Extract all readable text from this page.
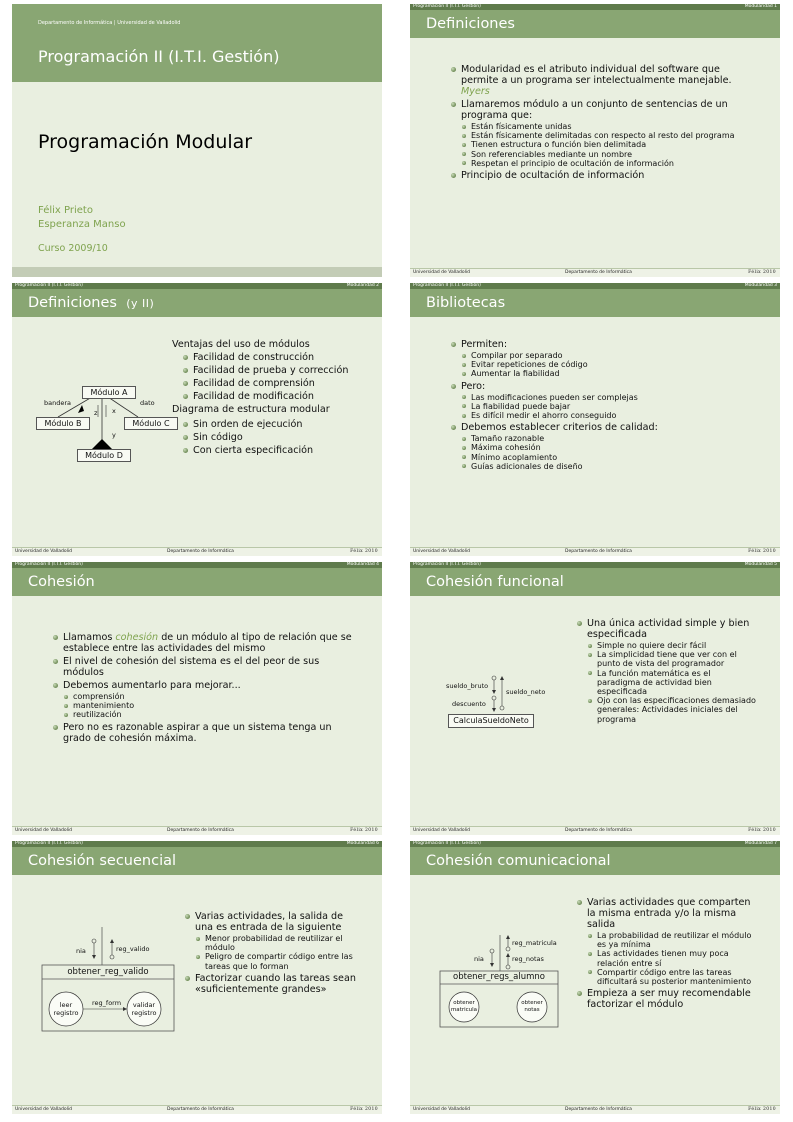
Departamento de Informática | Universidad de Valladolid
Programación II (I.T.I. Gestión)
Programación Modular
Félix Prieto
Esperanza Manso
Curso 2009/10
Programación II (I.T.I. Gestión)	Modularidad 1
Definiciones
Modularidad es el atributo individual del software que permite a un programa ser intelectualmente manejable. Myers
Llamaremos módulo a un conjunto de sentencias de un programa que:
Están físicamente unidas
Están físicamente delimitadas con respecto al resto del programa
Tienen estructura o función bien delimitada
Son referenciables mediante un nombre
Respetan el principio de ocultación de información
Principio de ocultación de información
Universidad de Valladolid	Departamento de Informática	Félix 2010
Programación II (I.T.I. Gestión)	Modularidad 2
Definiciones (y II)
Módulo A
Módulo B	Módulo C
Módulo D
bandera	dato
z x
y
Ventajas del uso de módulos
Facilidad de construcción
Facilidad de prueba y corrección
Facilidad de comprensión
Facilidad de modificación
Diagrama de estructura modular
Sin orden de ejecución
Sin código
Con cierta especificación
Universidad de Valladolid	Departamento de Informática	Félix 2010
Programación II (I.T.I. Gestión)	Modularidad 3
Bibliotecas
Permiten:
Compilar por separado
Evitar repeticiones de código
Aumentar la fiabilidad
Pero:
Las modificaciones pueden ser complejas
La fiabilidad puede bajar
Es difícil medir el ahorro conseguido
Debemos establecer criterios de calidad:
Tamaño razonable
Máxima cohesión
Mínimo acoplamiento
Guías adicionales de diseño
Universidad de Valladolid	Departamento de Informática	Félix 2010
Programación II (I.T.I. Gestión)	Modularidad 4
Cohesión
Llamamos cohesión de un módulo al tipo de relación que se establece entre las actividades del mismo
El nivel de cohesión del sistema es el del peor de sus módulos
Debemos aumentarlo para mejorar...
comprensión
mantenimiento
reutilización
Pero no es razonable aspirar a que un sistema tenga un grado de cohesión máxima.
Universidad de Valladolid	Departamento de Informática	Félix 2010
Programación II (I.T.I. Gestión)	Modularidad 5
Cohesión funcional
sueldo_bruto
sueldo_neto
descuento
CalculaSueldoNeto
Una única actividad simple y bien especificada
Simple no quiere decir fácil
La simplicidad tiene que ver con el punto de vista del programador
La función matemática es el paradigma de actividad bien especificada
Ojo con las especificaciones demasiado generales: Actividades iniciales del programa
Universidad de Valladolid	Departamento de Informática	Félix 2010
Programación II (I.T.I. Gestión)	Modularidad 6
Cohesión secuencial
nia	reg_valido
obtener_reg_valido
leer
registro
reg_form	validar
registro
Varias actividades, la salida de una es entrada de la siguiente
Menor probabilidad de reutilizar el módulo
Peligro de compartir código entre las tareas que lo forman
Factorizar cuando las tareas sean «suficientemente grandes»
Universidad de Valladolid	Departamento de Informática	Félix 2010
Programación II (I.T.I. Gestión)	Modularidad 7
Cohesión comunicacional
nia
reg_matricula
reg_notas
obtener_regs_alumno
obtener
matricula
obtener
notas
Varias actividades que comparten la misma entrada y/o la misma salida
La probabilidad de reutilizar el módulo es ya mínima
Las actividades tienen muy poca relación entre sí
Compartir código entre las tareas dificultará su posterior mantenimiento
Empieza a ser muy recomendable factorizar el módulo
Universidad de Valladolid	Departamento de Informática	Félix 2010
